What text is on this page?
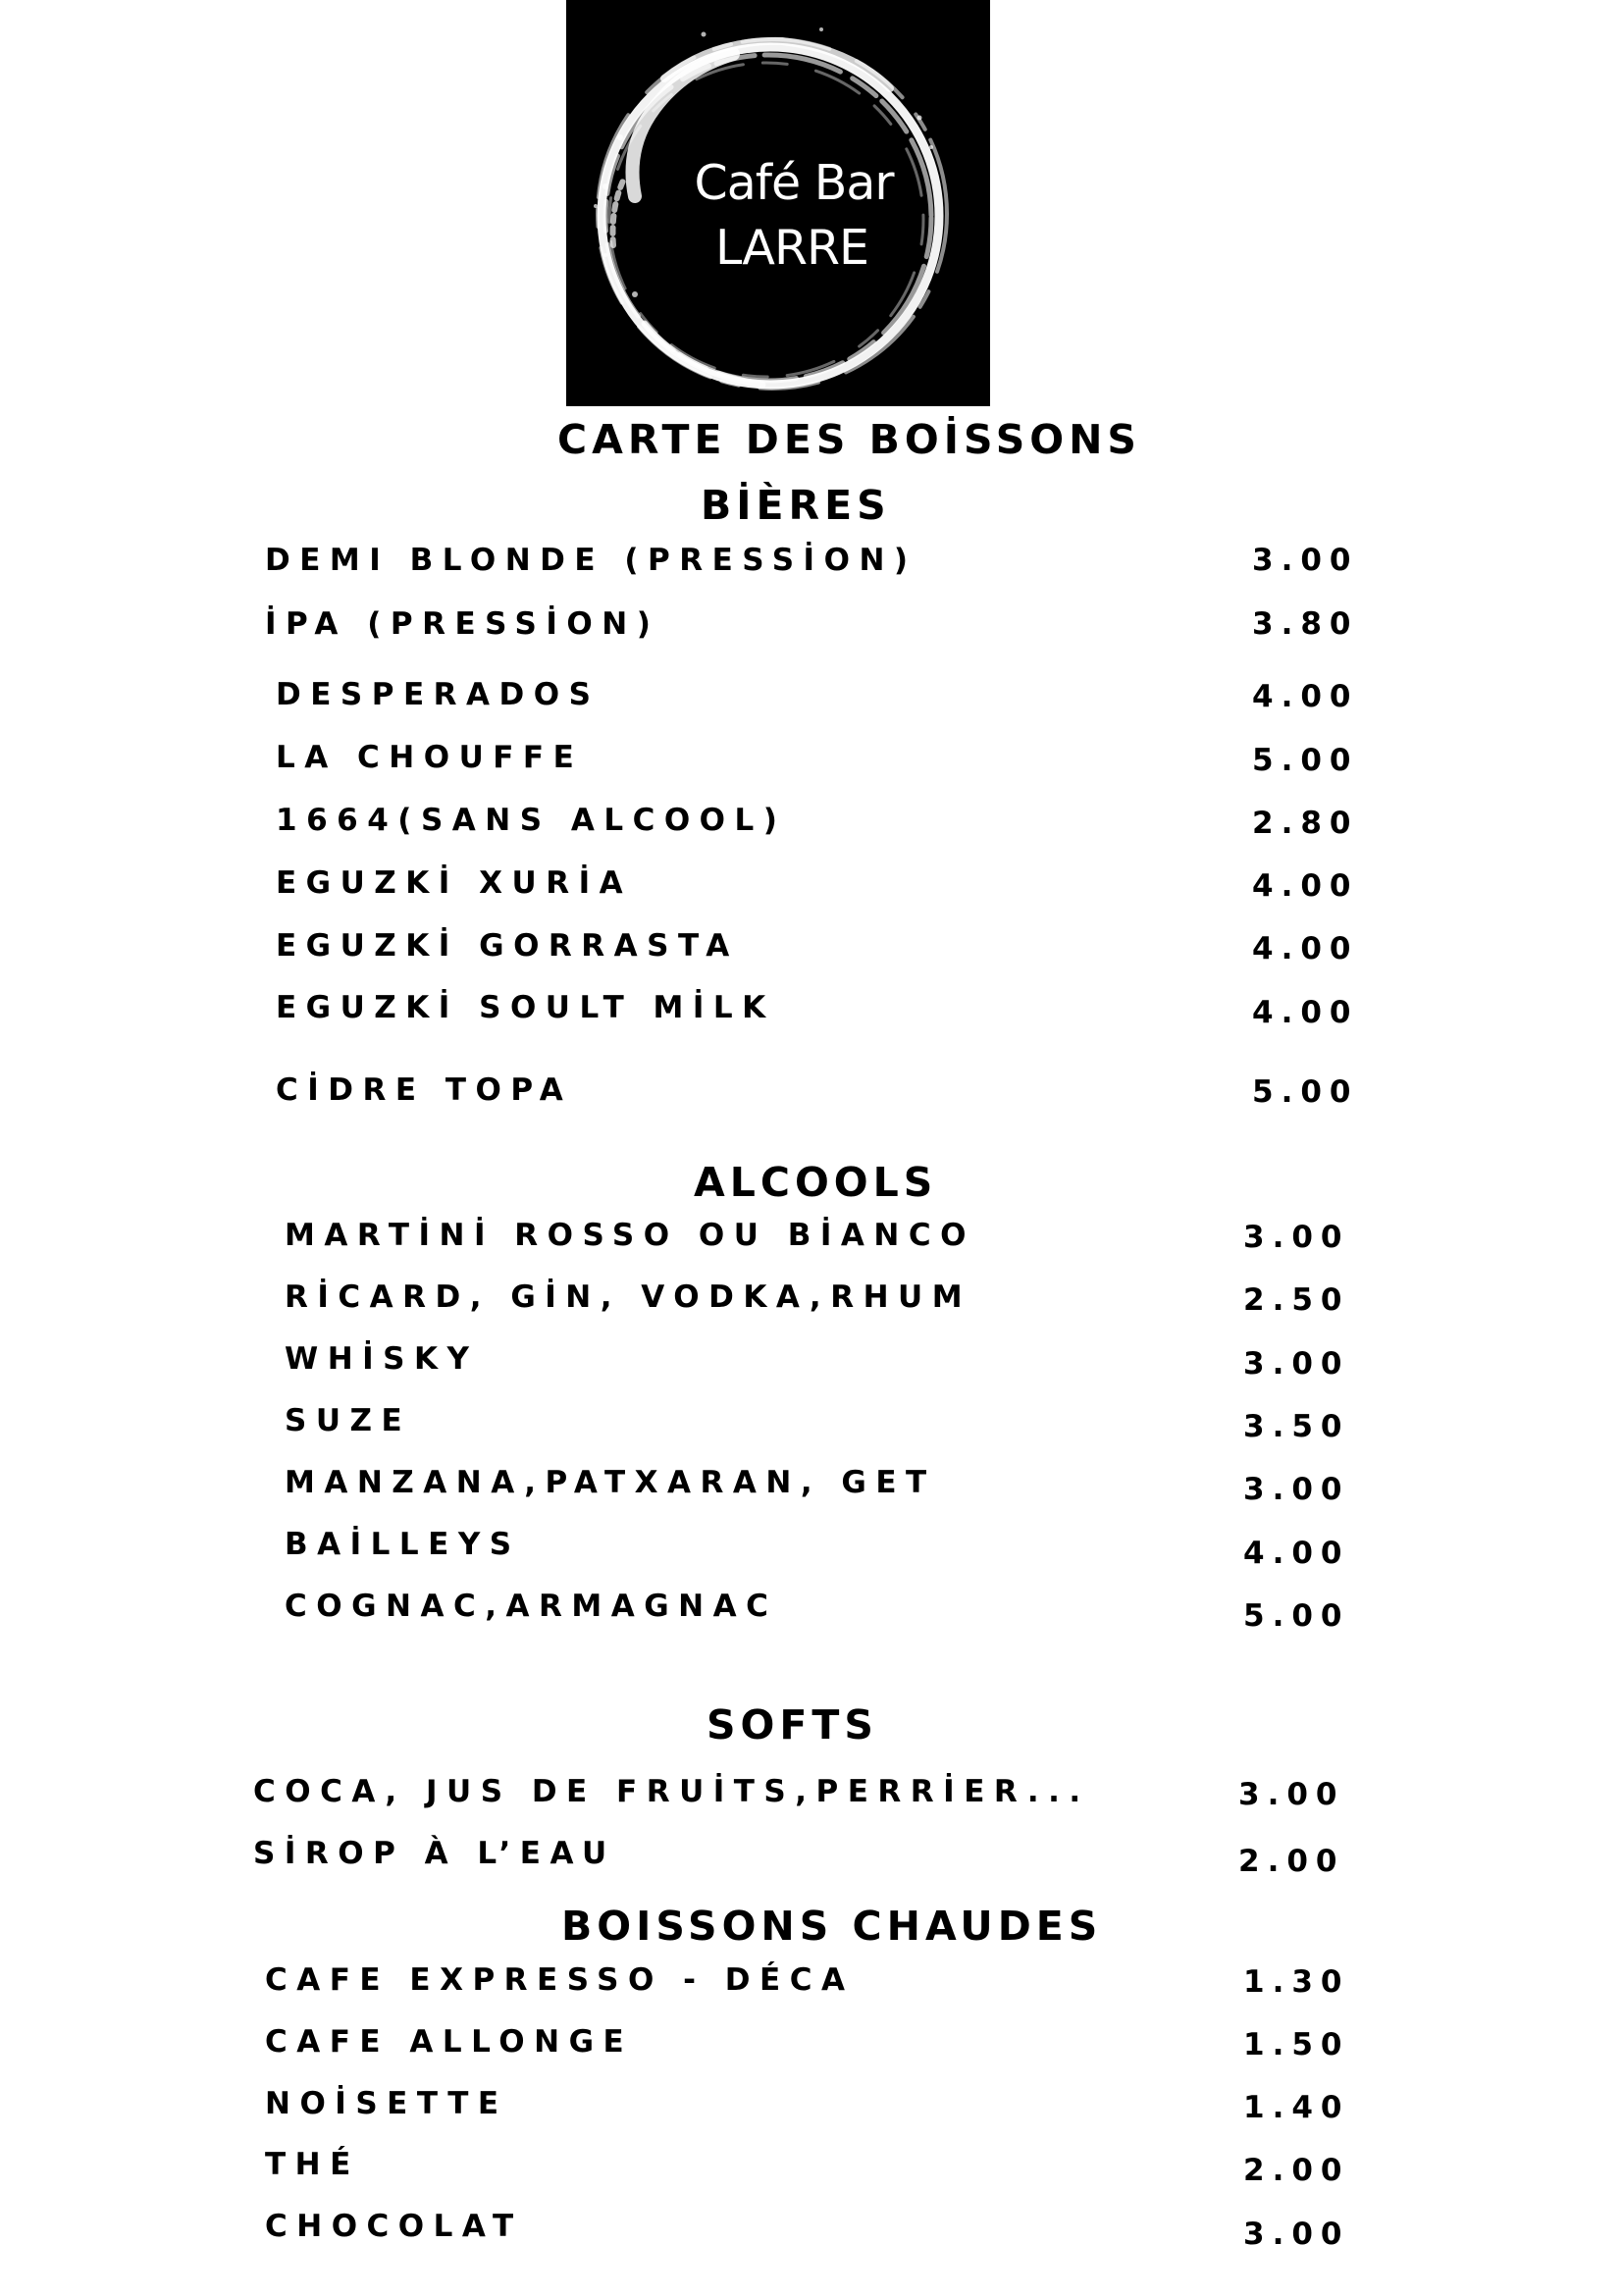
Café Bar
LARRE
CARTE DES BOİSSONS
BİÈRES
DEMI BLONDE (PRESSİON)	3.00
İPA (PRESSİON)	3.80
DESPERADOS	4.00
LA CHOUFFE	5.00
1664(SANS ALCOOL)	2.80
EGUZKİ XURİA	4.00
EGUZKİ GORRASTA	4.00
EGUZKİ SOULT MİLK	4.00
CİDRE TOPA	5.00
ALCOOLS
MARTİNİ ROSSO OU BİANCO	3.00
RİCARD, GİN, VODKA,RHUM	2.50
WHİSKY	3.00
SUZE	3.50
MANZANA,PATXARAN, GET	3.00
BAİLLEYS	4.00
COGNAC,ARMAGNAC	5.00
SOFTS
COCA, JUS DE FRUİTS,PERRİER...	3.00
SİROP À L’EAU	2.00
BOISSONS CHAUDES
CAFE EXPRESSO - DÉCA	1.30
CAFE ALLONGE	1.50
NOİSETTE	1.40
THÉ	2.00
CHOCOLAT	3.00
